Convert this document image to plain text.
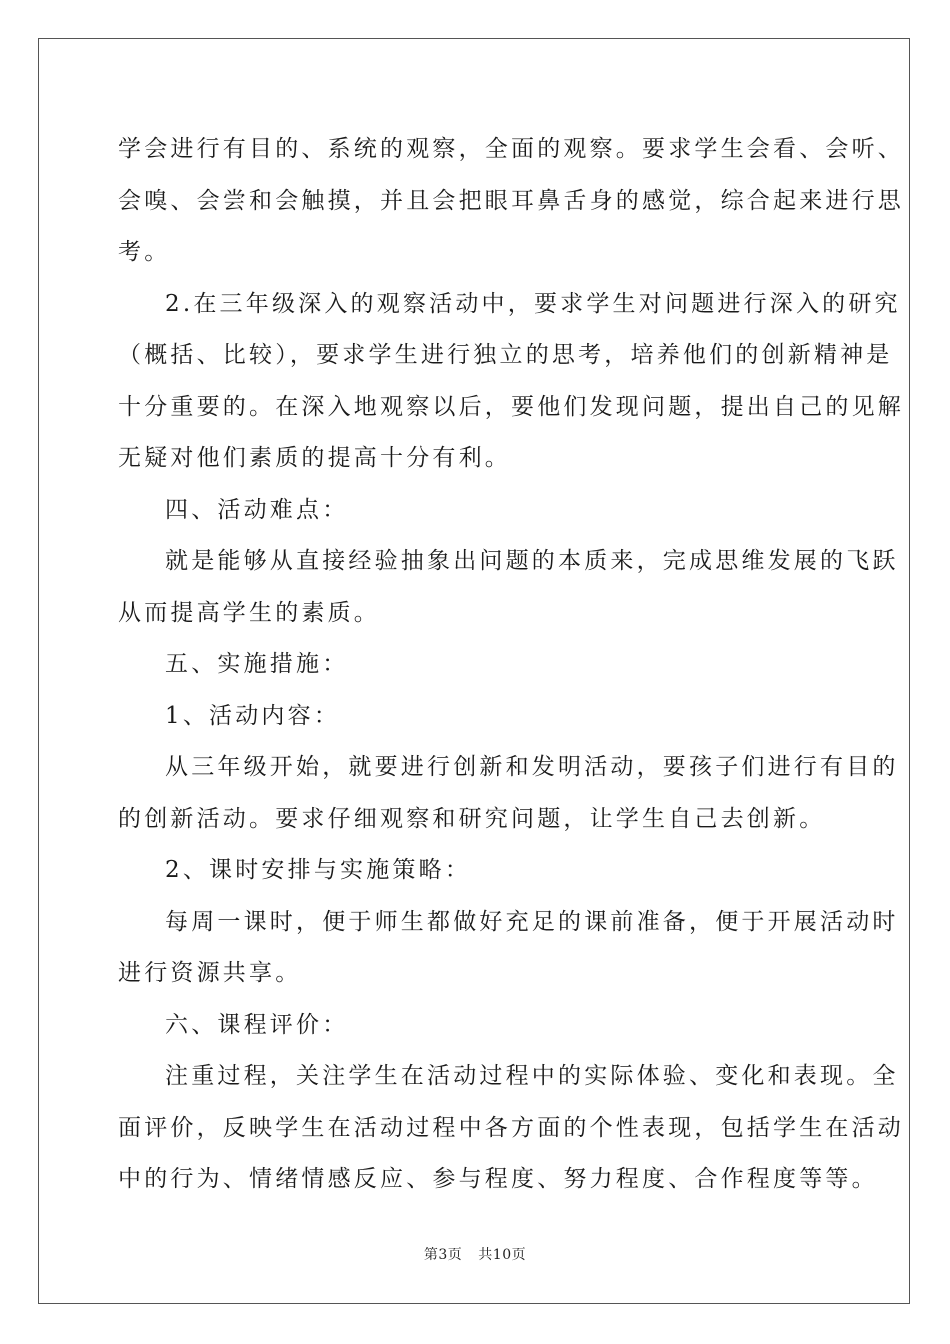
学会进行有目的、系统的观察，全面的观察。要求学生会看、会听、
会嗅、会尝和会触摸，并且会把眼耳鼻舌身的感觉，综合起来进行思
考。
2.在三年级深入的观察活动中，要求学生对问题进行深入的研究
（概括、比较），要求学生进行独立的思考，培养他们的创新精神是
十分重要的。在深入地观察以后，要他们发现问题，提出自己的见解
无疑对他们素质的提高十分有利。
四、活动难点：
就是能够从直接经验抽象出问题的本质来，完成思维发展的飞跃
从而提高学生的素质。
五、实施措施：
1、活动内容：
从三年级开始，就要进行创新和发明活动，要孩子们进行有目的
的创新活动。要求仔细观察和研究问题，让学生自己去创新。
2、课时安排与实施策略：
每周一课时，便于师生都做好充足的课前准备，便于开展活动时
进行资源共享。
六、课程评价：
注重过程，关注学生在活动过程中的实际体验、变化和表现。全
面评价，反映学生在活动过程中各方面的个性表现，包括学生在活动
中的行为、情绪情感反应、参与程度、努力程度、合作程度等等。
第3页 共10页
